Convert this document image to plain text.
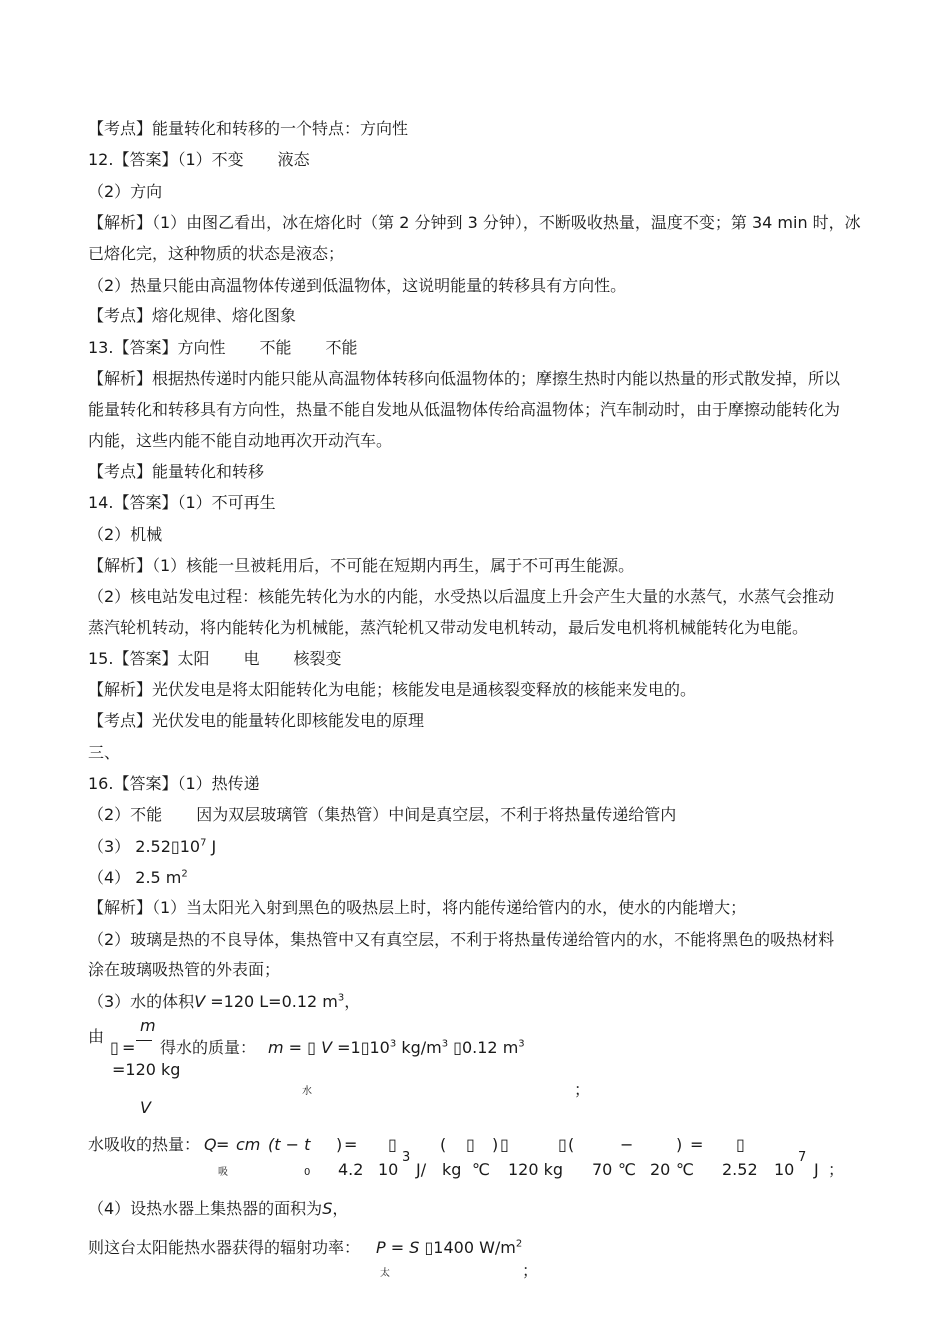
【考点】能量转化和转移的一个特点：方向性
12.【答案】（1）不变 液态
（2）方向
【解析】（1）由图乙看出，冰在熔化时（第 2 分钟到 3 分钟），不断吸收热量，温度不变；第 34 min 时，冰
已熔化完，这种物质的状态是液态；
（2）热量只能由高温物体传递到低温物体，这说明能量的转移具有方向性。
【考点】熔化规律、熔化图象
13.【答案】方向性 不能 不能
【解析】根据热传递时内能只能从高温物体转移向低温物体的；摩擦生热时内能以热量的形式散发掉，所以
能量转化和转移具有方向性，热量不能自发地从低温物体传给高温物体；汽车制动时，由于摩擦动能转化为
内能，这些内能不能自动地再次开动汽车。
【考点】能量转化和转移
14.【答案】（1）不可再生
（2）机械
【解析】（1）核能一旦被耗用后，不可能在短期内再生，属于不可再生能源。
（2）核电站发电过程：核能先转化为水的内能，水受热以后温度上升会产生大量的水蒸气，水蒸气会推动
蒸汽轮机转动，将内能转化为机械能，蒸汽轮机又带动发电机转动，最后发电机将机械能转化为电能。
15.【答案】太阳 电 核裂变
【解析】光伏发电是将太阳能转化为电能；核能发电是通核裂变释放的核能来发电的。
【考点】光伏发电的能量转化即核能发电的原理
三、
16.【答案】（1）热传递
（2）不能 因为双层玻璃管（集热管）中间是真空层，不利于将热量传递给管内
（3） $2.52▯10^7$ J
（4） 2.5 $m^2$
【解析】（1）当太阳光入射到黑色的吸热层上时，将内能传递给管内的水，使水的内能增大；
（2）玻璃是热的不良导体，集热管中又有真空层，不利于将热量传递给管内的水，不能将黑色的吸热材料
涂在玻璃吸热管的外表面；
（3）水的体积V =120 L=0.12 $m^3$，
由
m
▯ = 得水的质量： m = ▯ $V =1▯10^3$ $kg/m^3$ ▯0.12 $m^3$
=120 kg
水	；
V
水吸收的热量： Q = cm (t − t ) = ▯	( ▯ ) ▯	▯ (	−	) = ▯
吸	0 4.2 10
3
J/ kg ℃ 120 kg 70 ℃ 20 ℃ 2.52 10
7
J ；
（4）设热水器上集热器的面积为S，
则这台太阳能热水器获得的辐射功率： P = S ▯1400 $W/m^2$
太	；
